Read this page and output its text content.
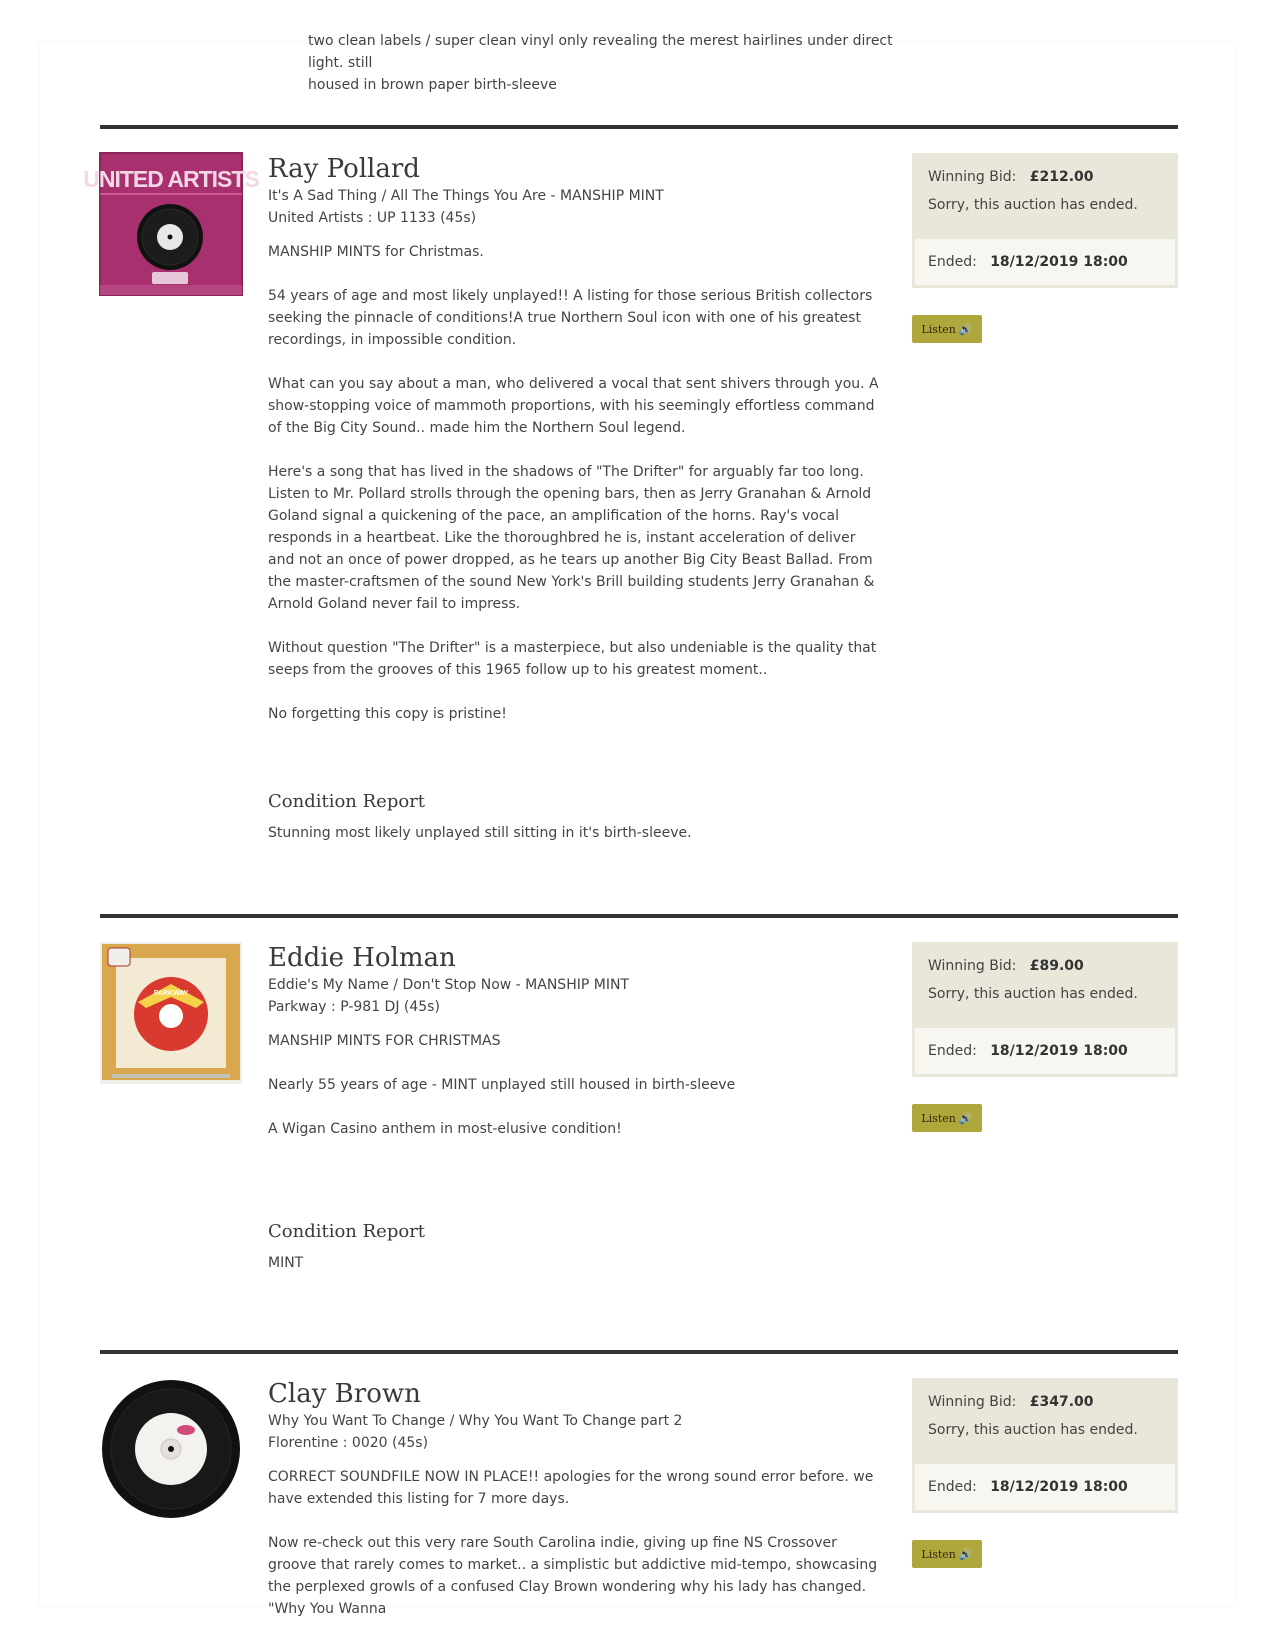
two clean labels / super clean vinyl only revealing the merest hairlines under direct light. still
housed in brown paper birth-sleeve
UNITED ARTISTS Ray Pollard
It's A Sad Thing / All The Things You Are - MANSHIP MINT
United Artists : UP 1133 (45s)

MANSHIP MINTS for Christmas.

54 years of age and most likely unplayed!! A listing for those serious British collectors seeking the pinnacle of conditions!A true Northern Soul icon with one of his greatest recordings, in impossible condition.

What can you say about a man, who delivered a vocal that sent shivers through you. A show-stopping voice of mammoth proportions, with his seemingly effortless command of the Big City Sound.. made him the Northern Soul legend.

Here's a song that has lived in the shadows of "The Drifter" for arguably far too long. Listen to Mr. Pollard strolls through the opening bars, then as Jerry Granahan & Arnold Goland signal a quickening of the pace, an amplification of the horns. Ray's vocal responds in a heartbeat. Like the thoroughbred he is, instant acceleration of deliver and not an once of power dropped, as he tears up another Big City Beast Ballad. From the master-craftsmen of the sound New York's Brill building students Jerry Granahan & Arnold Goland never fail to impress.

Without question "The Drifter" is a masterpiece, but also undeniable is the quality that seeps from the grooves of this 1965 follow up to his greatest moment..

No forgetting this copy is pristine!

Condition Report
Stunning most likely unplayed still sitting in it's birth-sleeve.
Winning Bid: £212.00
Sorry, this auction has ended.
Ended: 18/12/2019 18:00
Listen 🔊
PARKWAY
Eddie Holman
Eddie's My Name / Don't Stop Now - MANSHIP MINT
Parkway : P-981 DJ (45s)

MANSHIP MINTS FOR CHRISTMAS

Nearly 55 years of age - MINT unplayed still housed in birth-sleeve

A Wigan Casino anthem in most-elusive condition!

Condition Report
MINT
Winning Bid: £89.00
Sorry, this auction has ended.
Ended: 18/12/2019 18:00
Listen 🔊
Clay Brown
Why You Want To Change / Why You Want To Change part 2
Florentine : 0020 (45s)

CORRECT SOUNDFILE NOW IN PLACE!! apologies for the wrong sound error before. we have extended this listing for 7 more days.

Now re-check out this very rare South Carolina indie, giving up fine NS Crossover groove that rarely comes to market.. a simplistic but addictive mid-tempo, showcasing the perplexed growls of a confused Clay Brown wondering why his lady has changed. "Why You Wanna

Winning Bid: £347.00
Sorry, this auction has ended.
Ended: 18/12/2019 18:00
Listen 🔊
